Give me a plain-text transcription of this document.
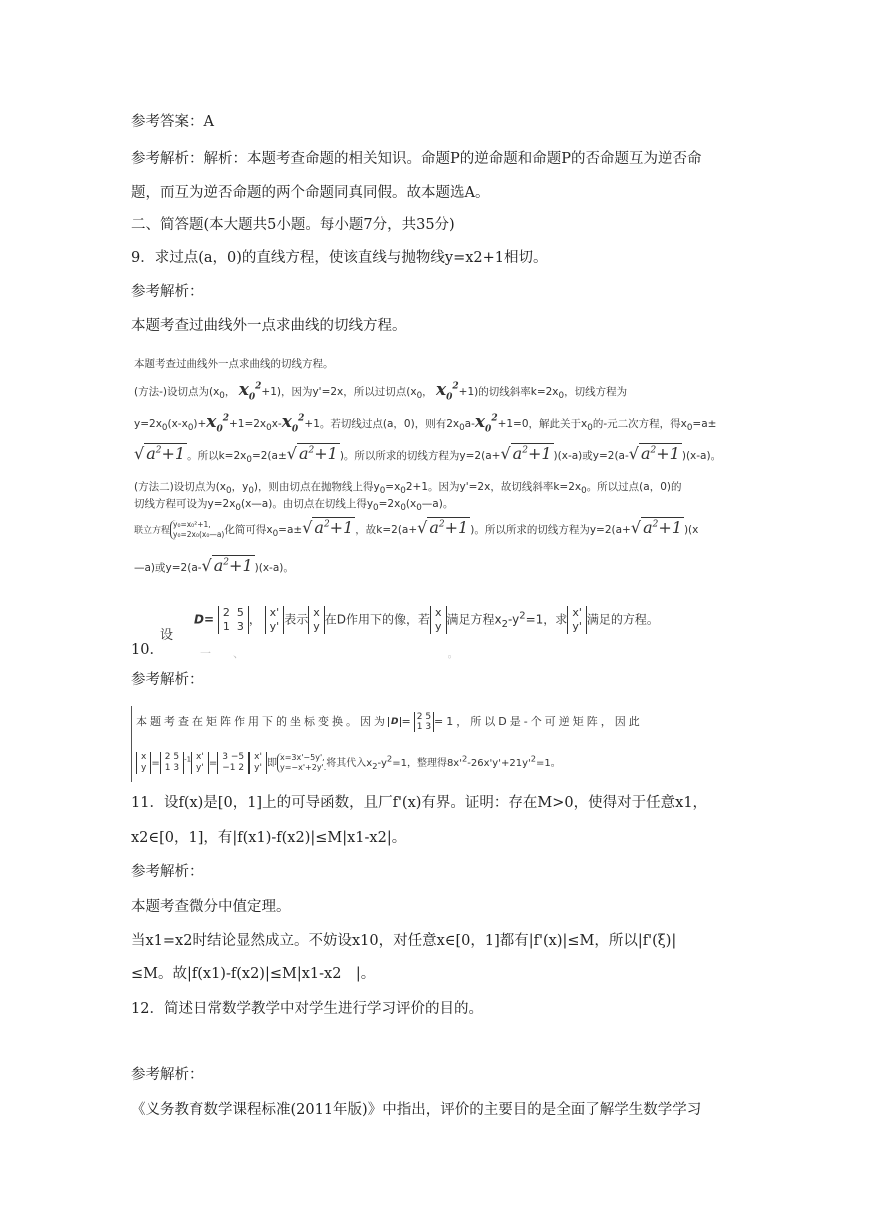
参考答案：A
参考解析：解析：本题考查命题的相关知识。命题P的逆命题和命题P的否命题互为逆否命
题，而互为逆否命题的两个命题同真同假。故本题选A。
二、简答题(本大题共5小题。每小题7分，共35分)
9．求过点(a，0)的直线方程，使该直线与抛物线y=x2+1相切。
参考解析：
本题考查过曲线外一点求曲线的切线方程。
本题考查过曲线外一点求曲线的切线方程。
(方法-)设切点为($x_0$， $x_0^2+1$)，因为y'=2x，所以过切点($x_0$， $x_0^2+1$)的切线斜率$k=2x_0$，切线方程为
$y=2x_0(x-x_0)+x_0^2+1=2x_0x-x_0^2+1$。若切线过点(a，0)，则有$2x_0a-x_0^2+1=0$，解此关于$x_0$的-元二次方程，得$x_0=a\pm$
√ $a^2+1$ 。所以$k=2x_0=2(a\pm√$ $a^2+1$ )。所以所求的切线方程为y=2(a+√ $a^2+1$ )(x-a)或y=2(a-√ $a^2+1$ )(x-a)。
(方法二)设切点为($x_0$，$y_0$)，则由切点在抛物线上得$y_0=x_02+1$。因为y'=2x，故切线斜率$k=2x_0$。所以过点(a，0)的
切线方程可设为$y=2x_0(x—a)$。由切点在切线上得$y_0=2x_0(x_0—a)$。
联立方程y₀=x₀²+1,
y₀=2x₀(x₀—a)化简可得$x_0=a\pm√$ $a^2+1$ ，故k=2(a+√ $a^2+1$ )。所以所求的切线方程为y=2(a+√ $a^2+1$ )(x
—a)或y=2(a-√ $a^2+1$ )(x-a)。
设
D= 2 5
1 3 ， x'
y' 表示 x
y 在D作用下的像，若 x
y 满足方程$x_2-y^2=1$，求 x'
y' 满足的方程。
10．	一　　、　　　　　　　　　　　　　　　　　　　。
参考解析：
本题考查在矩阵作用下的坐标变换。因为 D = 2 5
1 3 =1，所以D是-个可逆矩阵，因此
x
y =2 5
1 $3^{-1}$ x'
y' =3 −5
−1 2x'
y' 即x=3x'−5y',
y=−x'+2y'.将其代入$x_2-y^2=1$，整理得$8x'^2-26x'y'+21y'^2=1$。
11．设f(x)是[0，1]上的可导函数，且厂f'(x)有界。证明：存在M>0，使得对于任意x1，
x2∈[0，1]，有|f(x1)-f(x2)|≤M|x1-x2|。
参考解析：
本题考查微分中值定理。
当x1=x2时结论显然成立。不妨设x10，对任意x∈[0，1]都有|f'(x)|≤M，所以|f'(ξ)|
≤M。故|f(x1)-f(x2)|≤M|x1-x2　|。
12．简述日常数学教学中对学生进行学习评价的目的。
参考解析：
《义务教育数学课程标准(2011年版)》中指出，评价的主要目的是全面了解学生数学学习
